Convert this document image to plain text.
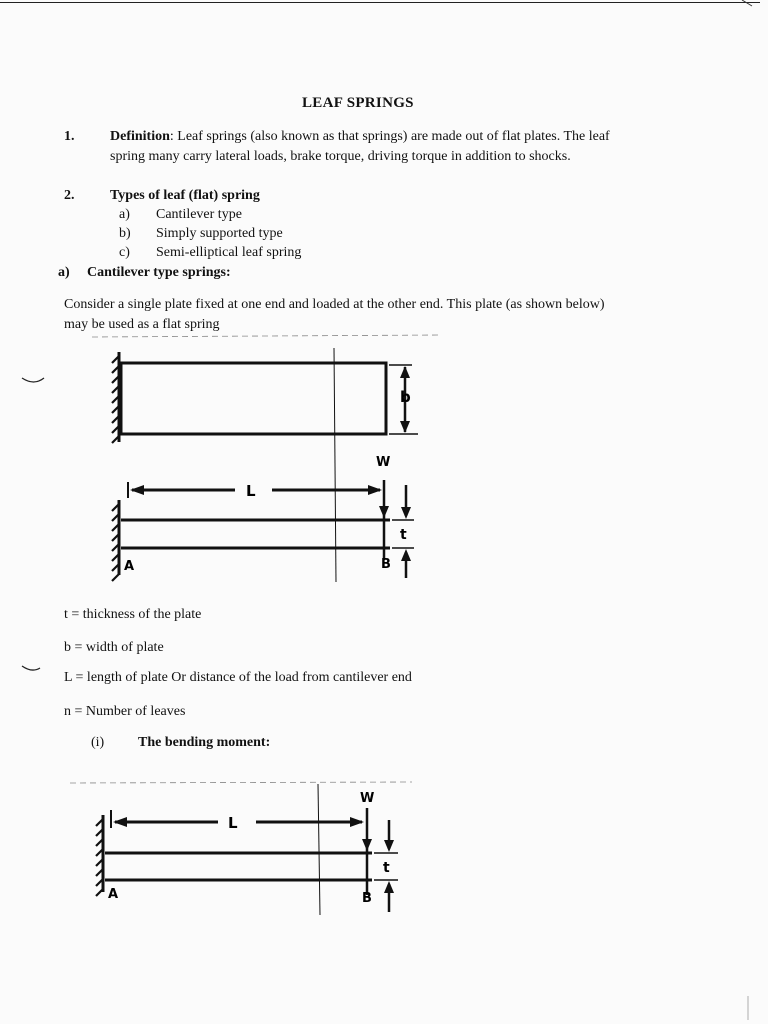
LEAF SPRINGS
1.	Definition: Leaf springs (also known as that springs) are made out of flat plates. The leaf
spring many carry lateral loads, brake torque, driving torque in addition to shocks.
2.	Types of leaf (flat) spring
a) Cantilever type
b) Simply supported type
c) Semi-elliptical leaf spring
a) Cantilever type springs:
Consider a single plate fixed at one end and loaded at the other end. This plate (as shown below)
may be used as a flat spring
b
W
L
t
A	B
t = thickness of the plate
b = width of plate
L = length of plate Or distance of the load from cantilever end
n = Number of leaves
(i) The bending moment:
W
L
t
A	B
